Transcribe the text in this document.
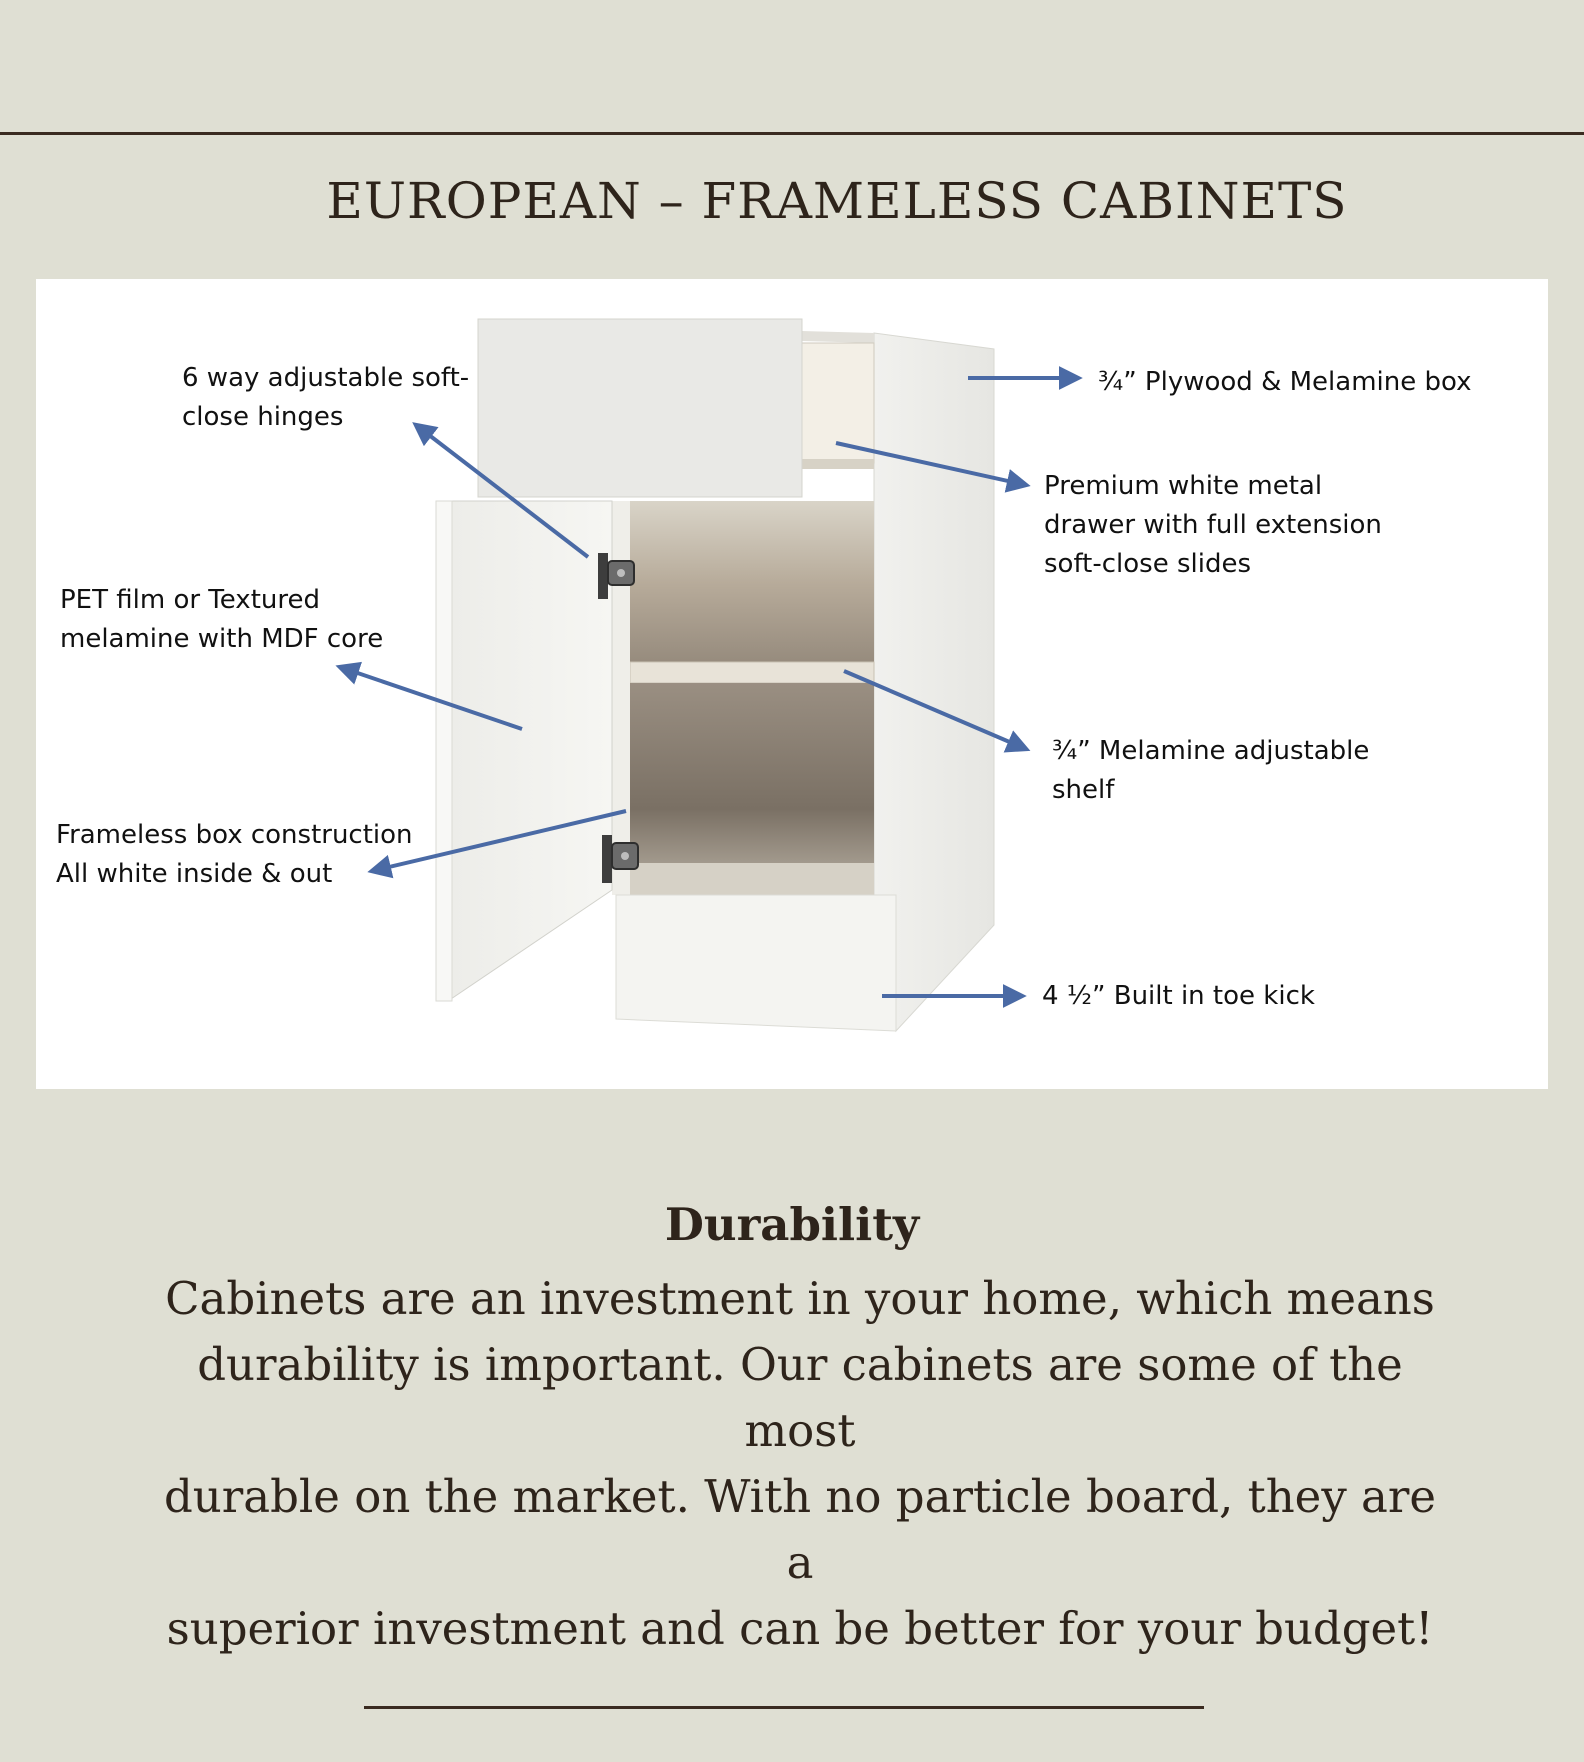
EUROPEAN – FRAMELESS CABINETS
6 way adjustable soft-
close hinges
PET film or Textured
melamine with MDF core
Frameless box construction
All white inside & out
¾” Plywood & Melamine box
Premium white metal
drawer with full extension
soft-close slides
¾” Melamine adjustable
shelf
4 ½” Built in toe kick
Durability
Cabinets are an investment in your home, which means
durability is important. Our cabinets are some of the most
durable on the market. With no particle board, they are a
superior investment and can be better for your budget!
